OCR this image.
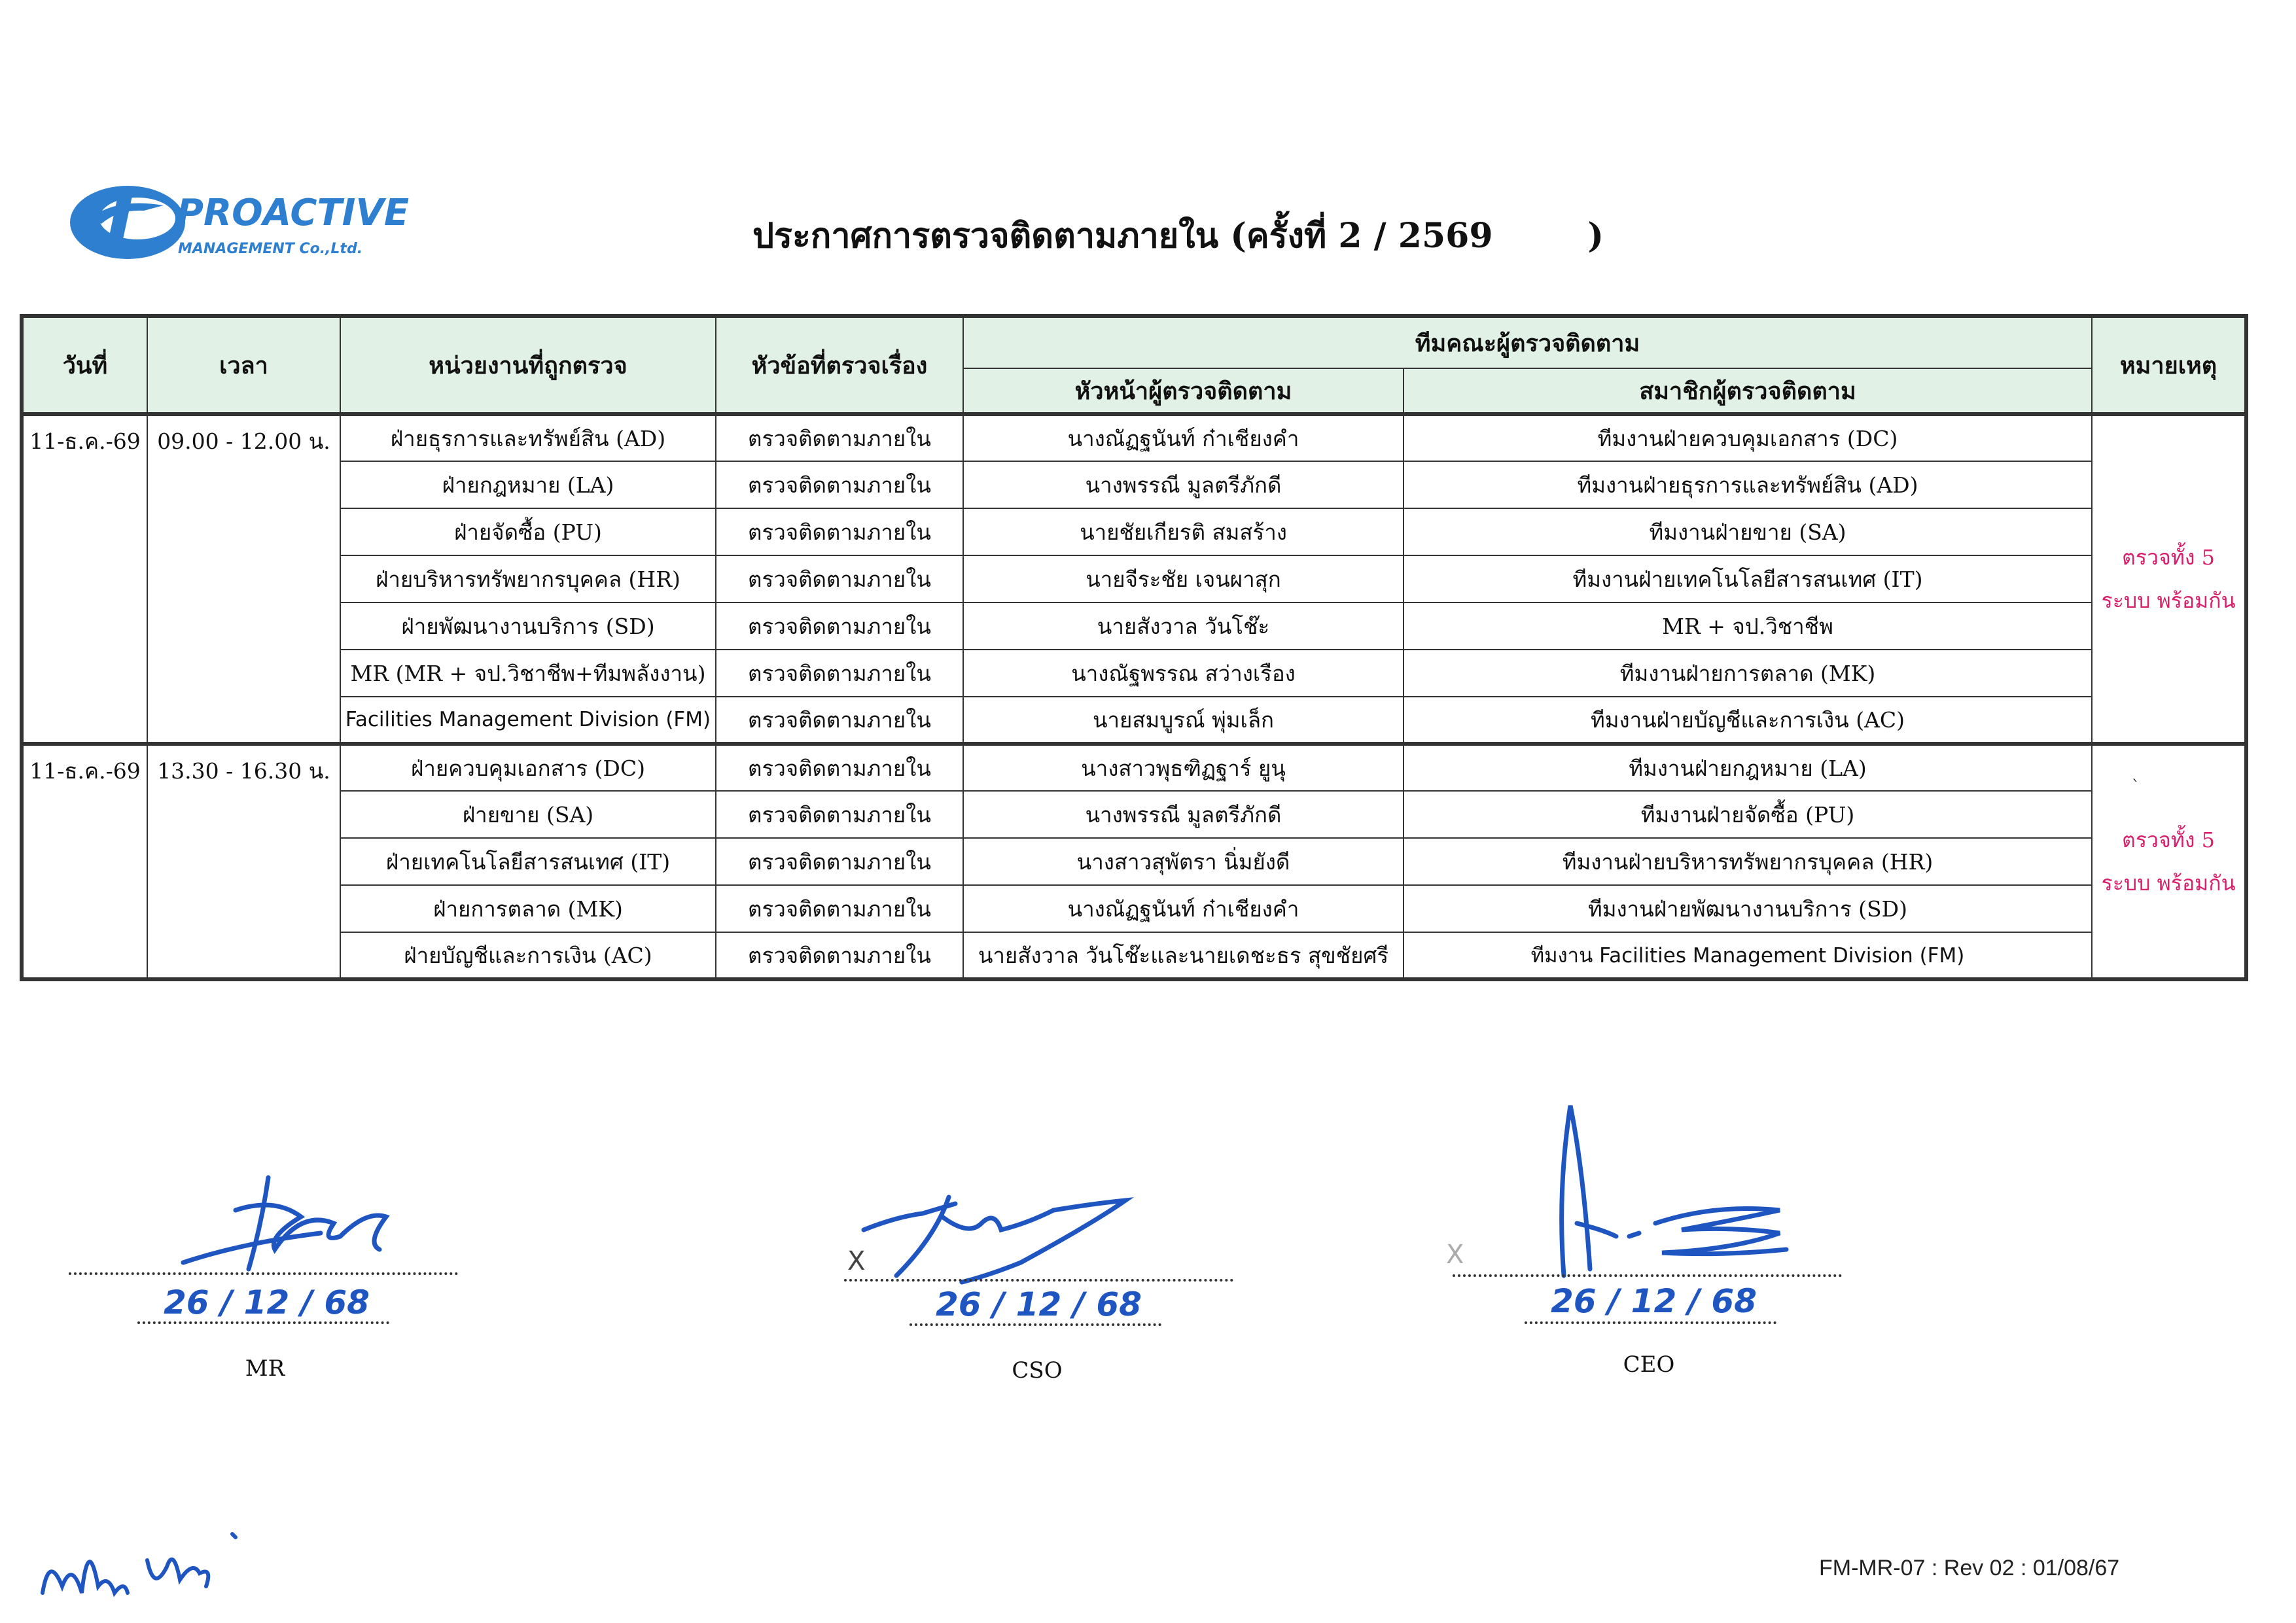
PROACTIVE
MANAGEMENT Co.,Ltd.	ประกาศการตรวจติดตามภายใน (ครั้งที่ 2 / 2569        )
วันที่	เวลา	หน่วยงานที่ถูกตรวจ	หัวข้อที่ตรวจเรื่อง	ทีมคณะผู้ตรวจติดตาม		หมายเหตุ
				หัวหน้าผู้ตรวจติดตาม	สมาชิกผู้ตรวจติดตาม	
11-ธ.ค.-69	09.00 - 12.00 น.	ฝ่ายธุรการและทรัพย์สิน (AD)	ตรวจติดตามภายใน	นางณัฏฐนันท์ ก๋าเชียงคำ	ทีมงานฝ่ายควบคุมเอกสาร (DC)	ตรวจทั้ง 5 ระบบ พร้อมกัน
		ฝ่ายกฎหมาย (LA)	ตรวจติดตามภายใน	นางพรรณี มูลตรีภักดี	ทีมงานฝ่ายธุรการและทรัพย์สิน (AD)	
		ฝ่ายจัดซื้อ (PU)	ตรวจติดตามภายใน	นายชัยเกียรติ สมสร้าง	ทีมงานฝ่ายขาย (SA)	
		ฝ่ายบริหารทรัพยากรบุคคล (HR)	ตรวจติดตามภายใน	นายจีระชัย เจนผาสุก	ทีมงานฝ่ายเทคโนโลยีสารสนเทศ (IT)	
		ฝ่ายพัฒนางานบริการ (SD)	ตรวจติดตามภายใน	นายสังวาล วันโช๊ะ	MR + จป.วิชาชีพ	
		MR (MR + จป.วิชาชีพ+ทีมพลังงาน)	ตรวจติดตามภายใน	นางณัฐพรรณ สว่างเรือง	ทีมงานฝ่ายการตลาด (MK)	
		Facilities Management Division (FM)	ตรวจติดตามภายใน	นายสมบูรณ์ พุ่มเล็ก	ทีมงานฝ่ายบัญชีและการเงิน (AC)	
11-ธ.ค.-69	13.30 - 16.30 น.	ฝ่ายควบคุมเอกสาร (DC)	ตรวจติดตามภายใน	นางสาวพุธฑิฏฐาร์ ยูนุ	ทีมงานฝ่ายกฎหมาย (LA)	ตรวจทั้ง 5 ระบบ พร้อมกัน
		ฝ่ายขาย (SA)	ตรวจติดตามภายใน	นางพรรณี มูลตรีภักดี	ทีมงานฝ่ายจัดซื้อ (PU)	
		ฝ่ายเทคโนโลยีสารสนเทศ (IT)	ตรวจติดตามภายใน	นางสาวสุพัตรา นิ่มยังดี	ทีมงานฝ่ายบริหารทรัพยากรบุคคล (HR)	
		ฝ่ายการตลาด (MK)	ตรวจติดตามภายใน	นางณัฏฐนันท์ ก๋าเชียงคำ	ทีมงานฝ่ายพัฒนางานบริการ (SD)	
		ฝ่ายบัญชีและการเงิน (AC)	ตรวจติดตามภายใน	นายสังวาล วันโช๊ะและนายเดชะธร สุขชัยศรี	ทีมงาน Facilities Management Division (FM)	
`
26 / 12 / 68
MR
X
26 / 12 / 68
CSO
X
26 / 12 / 68
CEO
FM-MR-07 : Rev 02 : 01/08/67
